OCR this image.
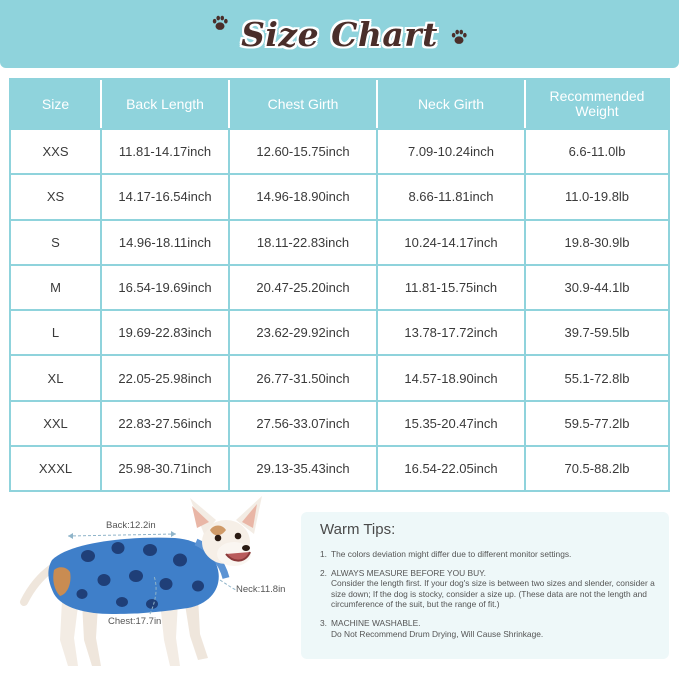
Size Chart
Size	Back Length	Chest Girth	Neck Girth	Recommended
Weight
XXS	11.81-14.17inch	12.60-15.75inch	7.09-10.24inch	6.6-11.0lb
XS	14.17-16.54inch	14.96-18.90inch	8.66-11.81inch	11.0-19.8lb
S	14.96-18.11inch	18.11-22.83inch	10.24-14.17inch	19.8-30.9lb
M	16.54-19.69inch	20.47-25.20inch	11.81-15.75inch	30.9-44.1lb
L	19.69-22.83inch	23.62-29.92inch	13.78-17.72inch	39.7-59.5lb
XL	22.05-25.98inch	26.77-31.50inch	14.57-18.90inch	55.1-72.8lb
XXL	22.83-27.56inch	27.56-33.07inch	15.35-20.47inch	59.5-77.2lb
XXXL	25.98-30.71inch	29.13-35.43inch	16.54-22.05inch	70.5-88.2lb
Back:12.2in
Neck:11.8in
Chest:17.7in
Warm Tips:
1. The colors deviation might differ due to different monitor settings.
2. ALWAYS MEASURE BEFORE YOU BUY.
Consider the length first. If your dog's size is between two sizes and slender, consider a size down; If the dog is stocky, consider a size up. (These data are not the length and circumference of the suit, but the range of fit.)
3. MACHINE WASHABLE.
Do Not Recommend Drum Drying, Will Cause Shrinkage.
